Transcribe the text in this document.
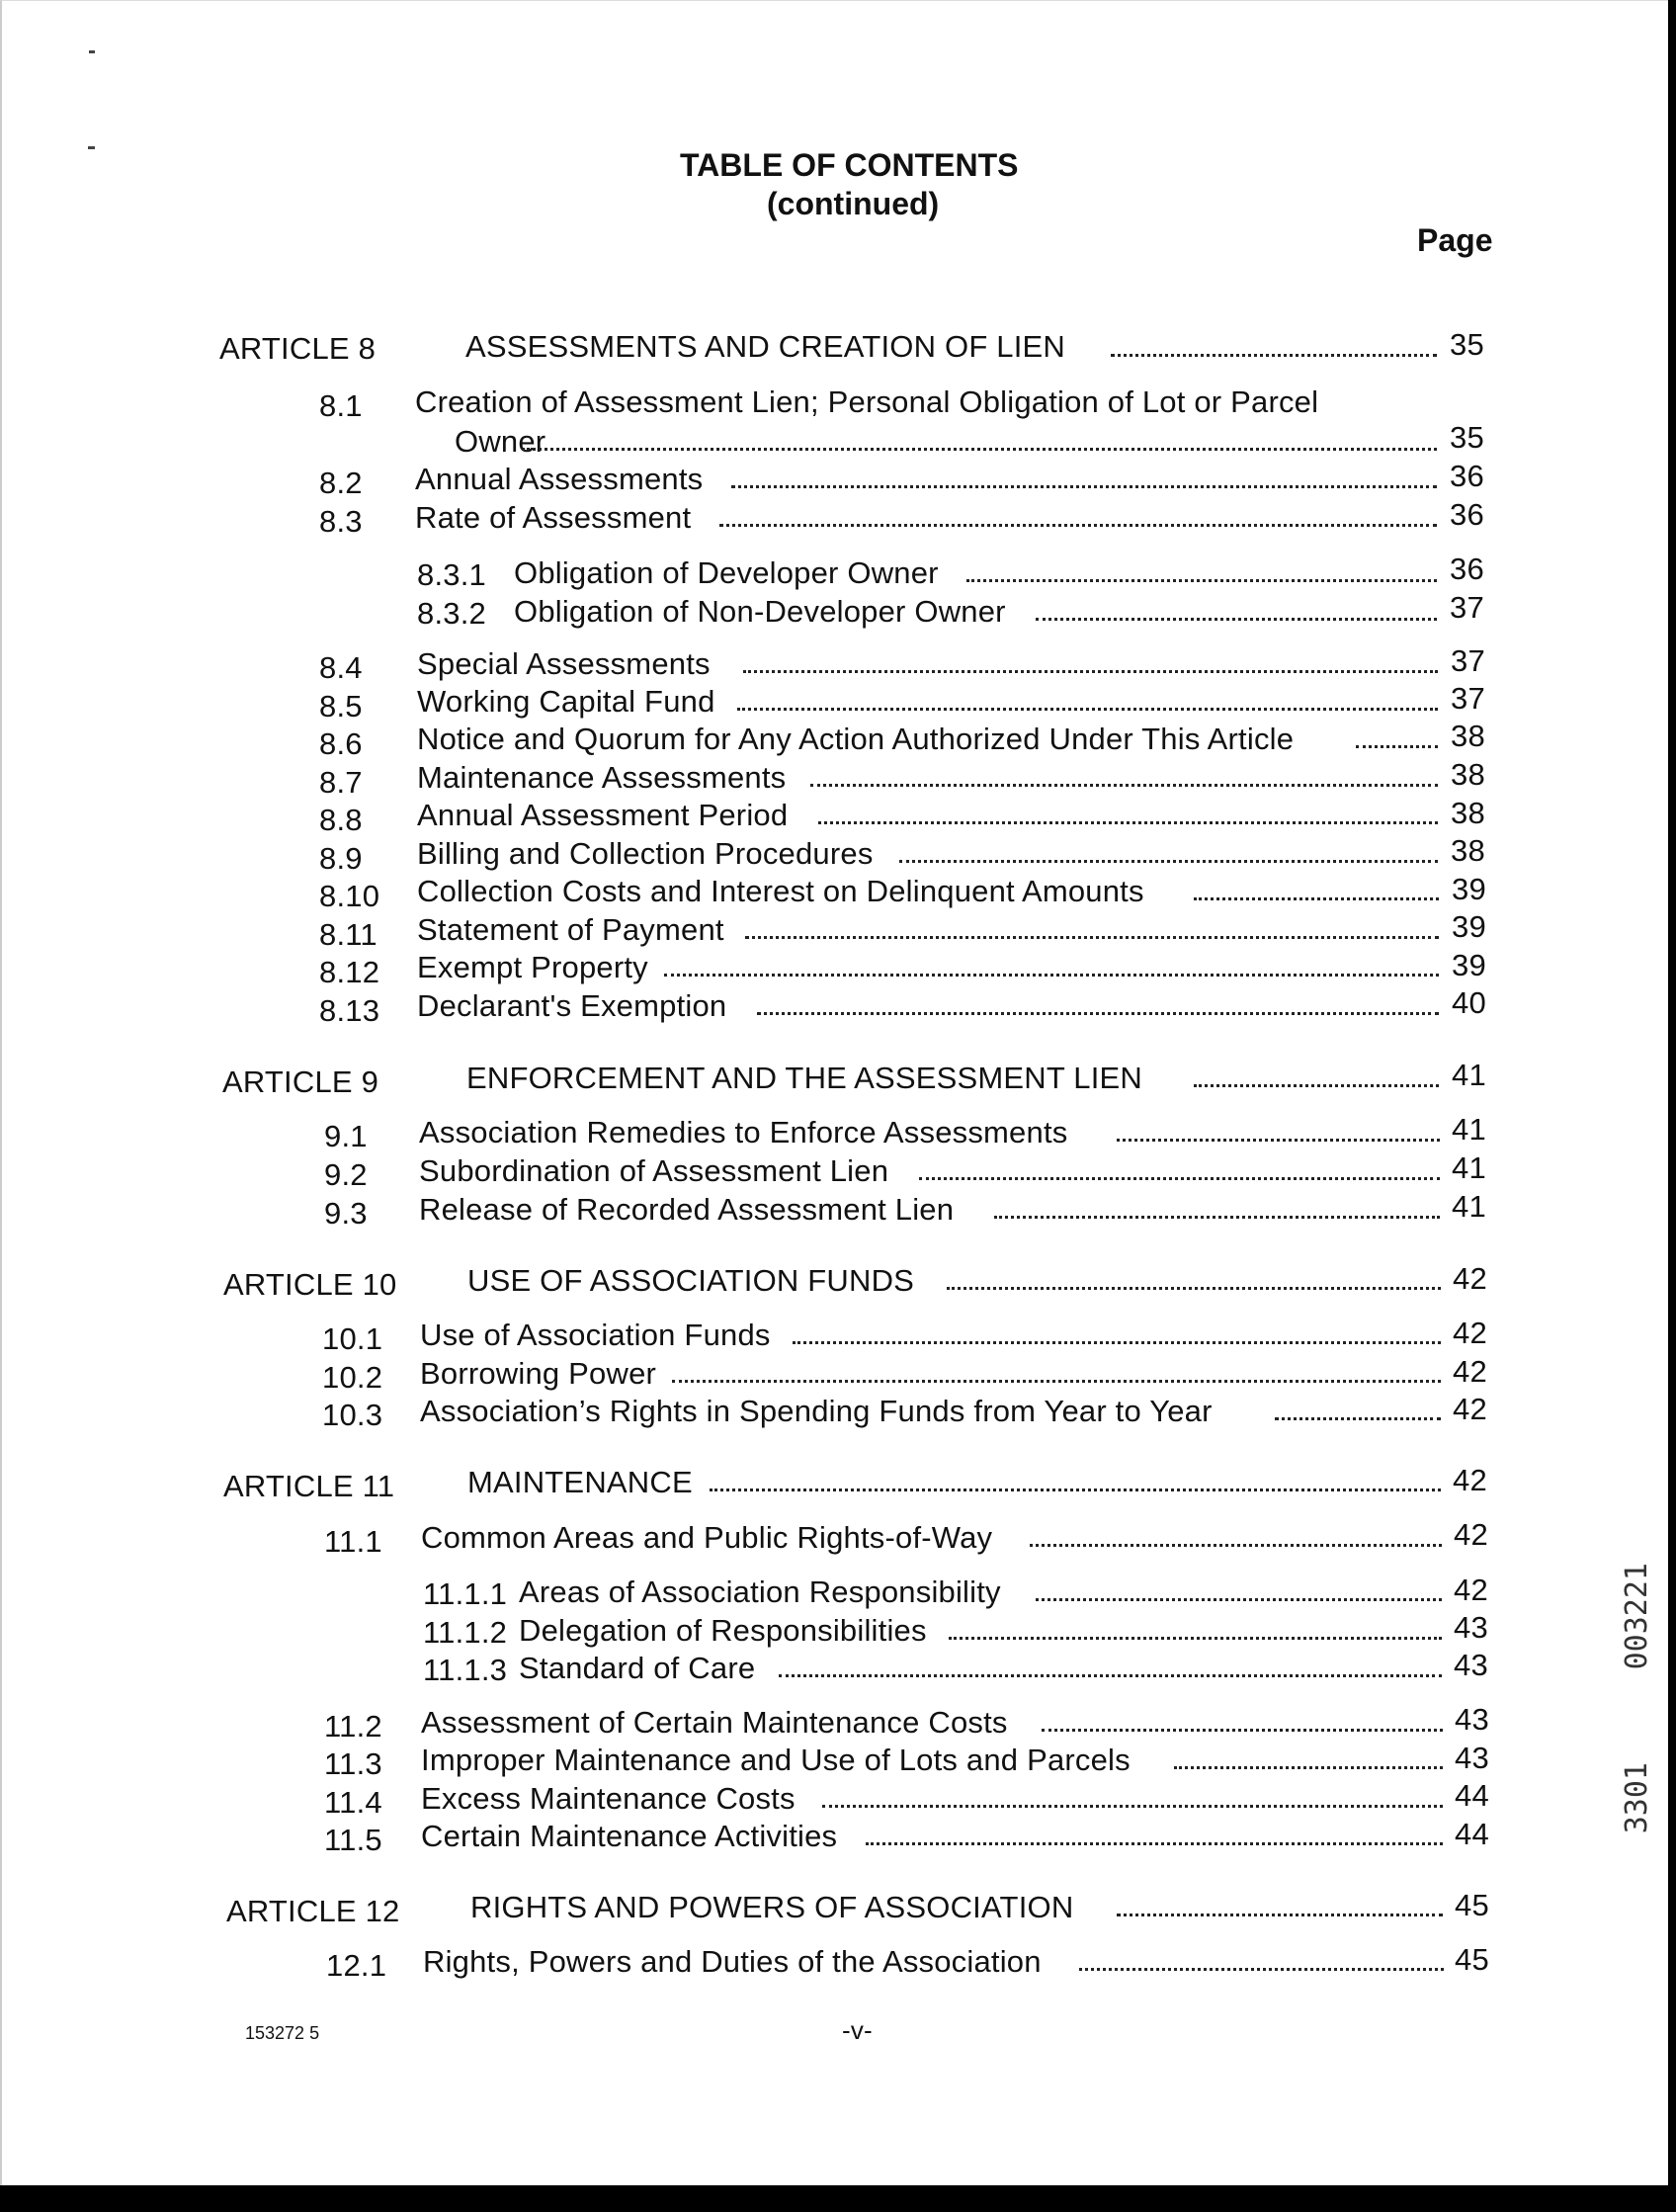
TABLE OF CONTENTS
(continued)
Page
ARTICLE 8	ASSESSMENTS AND CREATION OF LIEN	35
8.1 Creation of Assessment Lien; Personal Obligation of Lot or Parcel
Owner	35
8.2 Annual Assessments	36
8.3 Rate of Assessment	36
8.3.1 Obligation of Developer Owner	36
8.3.2 Obligation of Non-Developer Owner	37
8.4 Special Assessments	37
8.5 Working Capital Fund	37
8.6 Notice and Quorum for Any Action Authorized Under This Article	38
8.7 Maintenance Assessments	38
8.8 Annual Assessment Period	38
8.9 Billing and Collection Procedures	38
8.10 Collection Costs and Interest on Delinquent Amounts	39
8.11 Statement of Payment	39
8.12 Exempt Property	39
8.13 Declarant's Exemption	40
ARTICLE 9	ENFORCEMENT AND THE ASSESSMENT LIEN	41
9.1 Association Remedies to Enforce Assessments	41
9.2 Subordination of Assessment Lien	41
9.3 Release of Recorded Assessment Lien	41
ARTICLE 10 USE OF ASSOCIATION FUNDS	42
10.1 Use of Association Funds	42
10.2 Borrowing Power	42
10.3 Association’s Rights in Spending Funds from Year to Year	42
ARTICLE 11 MAINTENANCE	42
11.1 Common Areas and Public Rights-of-Way	42
11.1.1 Areas of Association Responsibility	42
11.1.2 Delegation of Responsibilities	43
11.1.3 Standard of Care	43
11.2 Assessment of Certain Maintenance Costs	43
11.3 Improper Maintenance and Use of Lots and Parcels	43
11.4 Excess Maintenance Costs	44
11.5 Certain Maintenance Activities	44
ARTICLE 12 RIGHTS AND POWERS OF ASSOCIATION	45
12.1 Rights, Powers and Duties of the Association	45
153272 5	-v-
003221
3301
